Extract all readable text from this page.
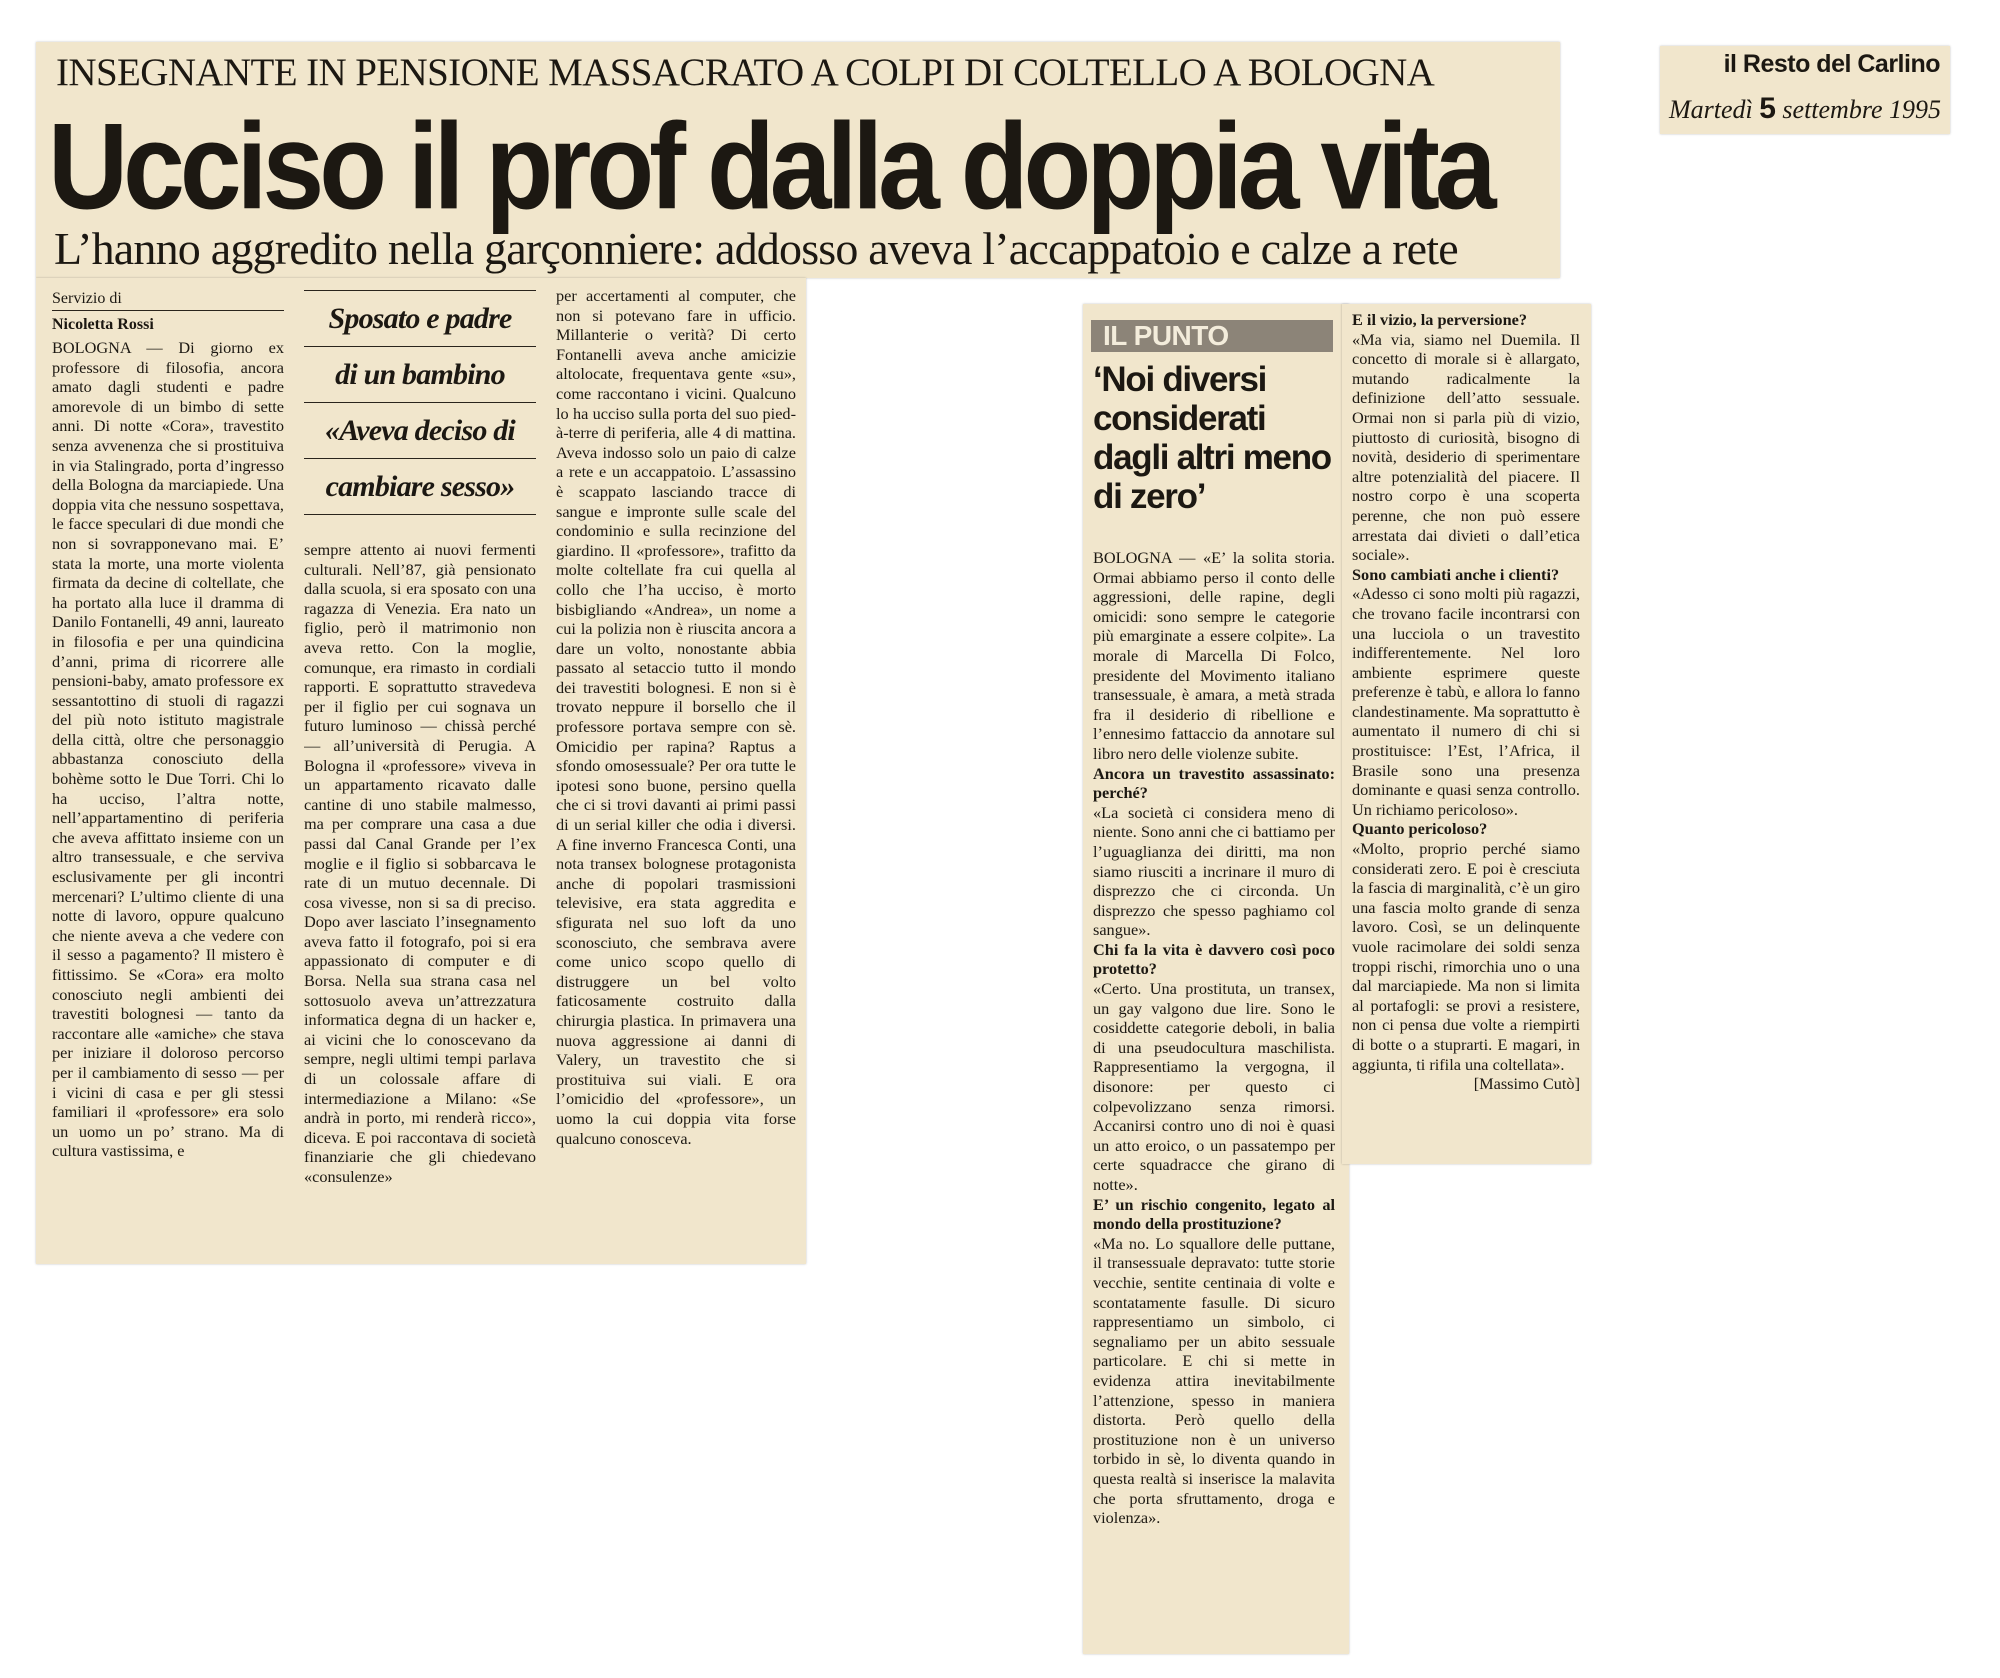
il Resto del Carlino
Martedì 5 settembre 1995
INSEGNANTE IN PENSIONE MASSACRATO A COLPI DI COLTELLO A BOLOGNA
Ucciso il prof dalla doppia vita
L’hanno aggredito nella garçonniere: addosso aveva l’accappatoio e calze a rete
Servizio di
Nicoletta Rossi	Sposato e padre
di un bambino
«Aveva deciso di
cambiare sesso»

BOLOGNA — Di giorno ex professore di filosofia, ancora amato dagli studenti e padre amorevole di un bimbo di sette anni. Di notte «Cora», travestito senza avvenenza che si prostituiva in via Stalingrado, porta d’ingresso della Bologna da marciapiede. Una doppia vita che nessuno sospettava, le facce speculari di due mondi che non si sovrapponevano mai. E’ stata la morte, una morte violenta firmata da decine di coltellate, che ha portato alla luce il dramma di Danilo Fontanelli, 49 anni, laureato in filosofia e per una quindicina d’anni, prima di ricorrere alle pensioni-baby, amato professore ex sessantottino di stuoli di ragazzi del più noto istituto magistrale della città, oltre che personaggio abbastanza conosciuto della bohème sotto le Due Torri. Chi lo ha ucciso, l’altra notte, nell’appartamentino di periferia che aveva affittato insieme con un altro transessuale, e che serviva esclusivamente per gli incontri mercenari? L’ultimo cliente di una notte di lavoro, oppure qualcuno che niente aveva a che vedere con il sesso a pagamento? Il mistero è fittissimo. Se «Cora» era molto conosciuto negli ambienti dei travestiti bolognesi — tanto da raccontare alle «amiche» che stava per iniziare il doloroso percorso per il cambiamento di sesso — per i vicini di casa e per gli stessi familiari il «professore» era solo un uomo un po’ strano. Ma di cultura vastissima, e

sempre attento ai nuovi fermenti culturali. Nell’87, già pensionato dalla scuola, si era sposato con una ragazza di Venezia. Era nato un figlio, però il matrimonio non aveva retto. Con la moglie, comunque, era rimasto in cordiali rapporti. E soprattutto stravedeva per il figlio per cui sognava un futuro luminoso — chissà perché — all’università di Perugia. A Bologna il «professore» viveva in un appartamento ricavato dalle cantine di uno stabile malmesso, ma per comprare una casa a due passi dal Canal Grande per l’ex moglie e il figlio si sobbarcava le rate di un mutuo decennale. Di cosa vivesse, non si sa di preciso. Dopo aver lasciato l’insegnamento aveva fatto il fotografo, poi si era appassionato di computer e di Borsa. Nella sua strana casa nel sottosuolo aveva un’attrezzatura informatica degna di un hacker e, ai vicini che lo conoscevano da sempre, negli ultimi tempi parlava di un colossale affare di intermediazione a Milano: «Se andrà in porto, mi renderà ricco», diceva. E poi raccontava di società finanziarie che gli chiedevano «consulenze»

per accertamenti al computer, che non si potevano fare in ufficio. Millanterie o verità? Di certo Fontanelli aveva anche amicizie altolocate, frequentava gente «su», come raccontano i vicini. Qualcuno lo ha ucciso sulla porta del suo pied-à-terre di periferia, alle 4 di mattina. Aveva indosso solo un paio di calze a rete e un accappatoio. L’assassino è scappato lasciando tracce di sangue e impronte sulle scale del condominio e sulla recinzione del giardino. Il «professore», trafitto da molte coltellate fra cui quella al collo che l’ha ucciso, è morto bisbigliando «Andrea», un nome a cui la polizia non è riuscita ancora a dare un volto, nonostante abbia passato al setaccio tutto il mondo dei travestiti bolognesi. E non si è trovato neppure il borsello che il professore portava sempre con sè. Omicidio per rapina? Raptus a sfondo omosessuale? Per ora tutte le ipotesi sono buone, persino quella che ci si trovi davanti ai primi passi di un serial killer che odia i diversi. A fine inverno Francesca Conti, una nota transex bolognese protagonista anche di popolari trasmissioni televisive, era stata aggredita e sfigurata nel suo loft da uno sconosciuto, che sembrava avere come unico scopo quello di distruggere un bel volto faticosamente costruito dalla chirurgia plastica. In primavera una nuova aggressione ai danni di Valery, un travestito che si prostituiva sui viali. E ora l’omicidio del «professore», un uomo la cui doppia vita forse qualcuno conosceva.

IL PUNTO
‘Noi diversi considerati dagli altri meno di zero’

BOLOGNA — «E’ la solita storia. Ormai abbiamo perso il conto delle aggressioni, delle rapine, degli omicidi: sono sempre le categorie più emarginate a essere colpite». La morale di Marcella Di Folco, presidente del Movimento italiano transessuale, è amara, a metà strada fra il desiderio di ribellione e l’ennesimo fattaccio da annotare sul libro nero delle violenze subite.

Ancora un travestito assassinato: perché?

«La società ci considera meno di niente. Sono anni che ci battiamo per l’uguaglianza dei diritti, ma non siamo riusciti a incrinare il muro di disprezzo che ci circonda. Un disprezzo che spesso paghiamo col sangue».

Chi fa la vita è davvero così poco protetto?

«Certo. Una prostituta, un transex, un gay valgono due lire. Sono le cosiddette categorie deboli, in balia di una pseudocultura maschilista. Rappresentiamo la vergogna, il disonore: per questo ci colpevolizzano senza rimorsi. Accanirsi contro uno di noi è quasi un atto eroico, o un passatempo per certe squadracce che girano di notte».

E’ un rischio congenito, legato al mondo della prostituzione?

«Ma no. Lo squallore delle puttane, il transessuale depravato: tutte storie vecchie, sentite centinaia di volte e scontatamente fasulle. Di sicuro rappresentiamo un simbolo, ci segnaliamo per un abito sessuale particolare. E chi si mette in evidenza attira inevitabilmente l’attenzione, spesso in maniera distorta. Però quello della prostituzione non è un universo torbido in sè, lo diventa quando in questa realtà si inserisce la malavita che porta sfruttamento, droga e violenza».

E il vizio, la perversione?

«Ma via, siamo nel Duemila. Il concetto di morale si è allargato, mutando radicalmente la definizione dell’atto sessuale. Ormai non si parla più di vizio, piuttosto di curiosità, bisogno di novità, desiderio di sperimentare altre potenzialità del piacere. Il nostro corpo è una scoperta perenne, che non può essere arrestata dai divieti o dall’etica sociale».

Sono cambiati anche i clienti?

«Adesso ci sono molti più ragazzi, che trovano facile incontrarsi con una lucciola o un travestito indifferentemente. Nel loro ambiente esprimere queste preferenze è tabù, e allora lo fanno clandestinamente. Ma soprattutto è aumentato il numero di chi si prostituisce: l’Est, l’Africa, il Brasile sono una presenza dominante e quasi senza controllo. Un richiamo pericoloso».

Quanto pericoloso?

«Molto, proprio perché siamo considerati zero. E poi è cresciuta la fascia di marginalità, c’è un giro una fascia molto grande di senza lavoro. Così, se un delinquente vuole racimolare dei soldi senza troppi rischi, rimorchia uno o una dal marciapiede. Ma non si limita al portafogli: se provi a resistere, non ci pensa due volte a riempirti di botte o a stuprarti. E magari, in aggiunta, ti rifila una coltellata».

[Massimo Cutò]
